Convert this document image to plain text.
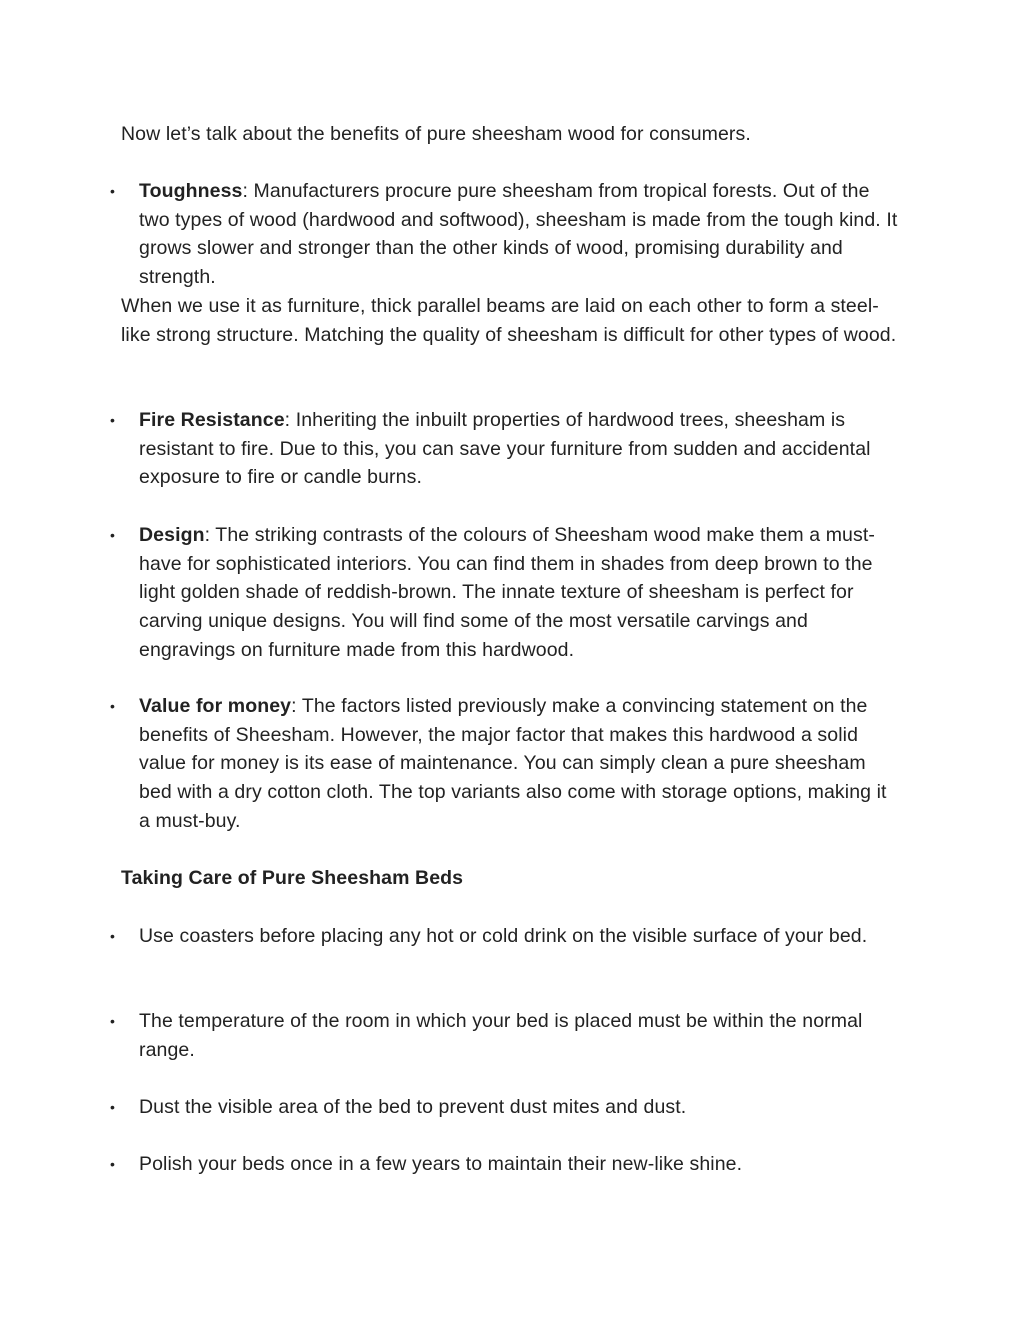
Now let’s talk about the benefits of pure sheesham wood for consumers.

•	Toughness: Manufacturers procure pure sheesham from tropical forests. Out of the two types of wood (hardwood and softwood), sheesham is made from the tough kind. It grows slower and stronger than the other kinds of wood, promising durability and strength.

When we use it as furniture, thick parallel beams are laid on each other to form a steel-like strong structure. Matching the quality of sheesham is difficult for other types of wood.

•	Fire Resistance: Inheriting the inbuilt properties of hardwood trees, sheesham is resistant to fire. Due to this, you can save your furniture from sudden and accidental exposure to fire or candle burns.
•	Design: The striking contrasts of the colours of Sheesham wood make them a must-have for sophisticated interiors. You can find them in shades from deep brown to the light golden shade of reddish-brown. The innate texture of sheesham is perfect for carving unique designs. You will find some of the most versatile carvings and engravings on furniture made from this hardwood.
•	Value for money: The factors listed previously make a convincing statement on the benefits of Sheesham. However, the major factor that makes this hardwood a solid value for money is its ease of maintenance. You can simply clean a pure sheesham bed with a dry cotton cloth. The top variants also come with storage options, making it a must-buy.

Taking Care of Pure Sheesham Beds

•	Use coasters before placing any hot or cold drink on the visible surface of your bed.
•	The temperature of the room in which your bed is placed must be within the normal range.
•	Dust the visible area of the bed to prevent dust mites and dust.
•	Polish your beds once in a few years to maintain their new-like shine.
